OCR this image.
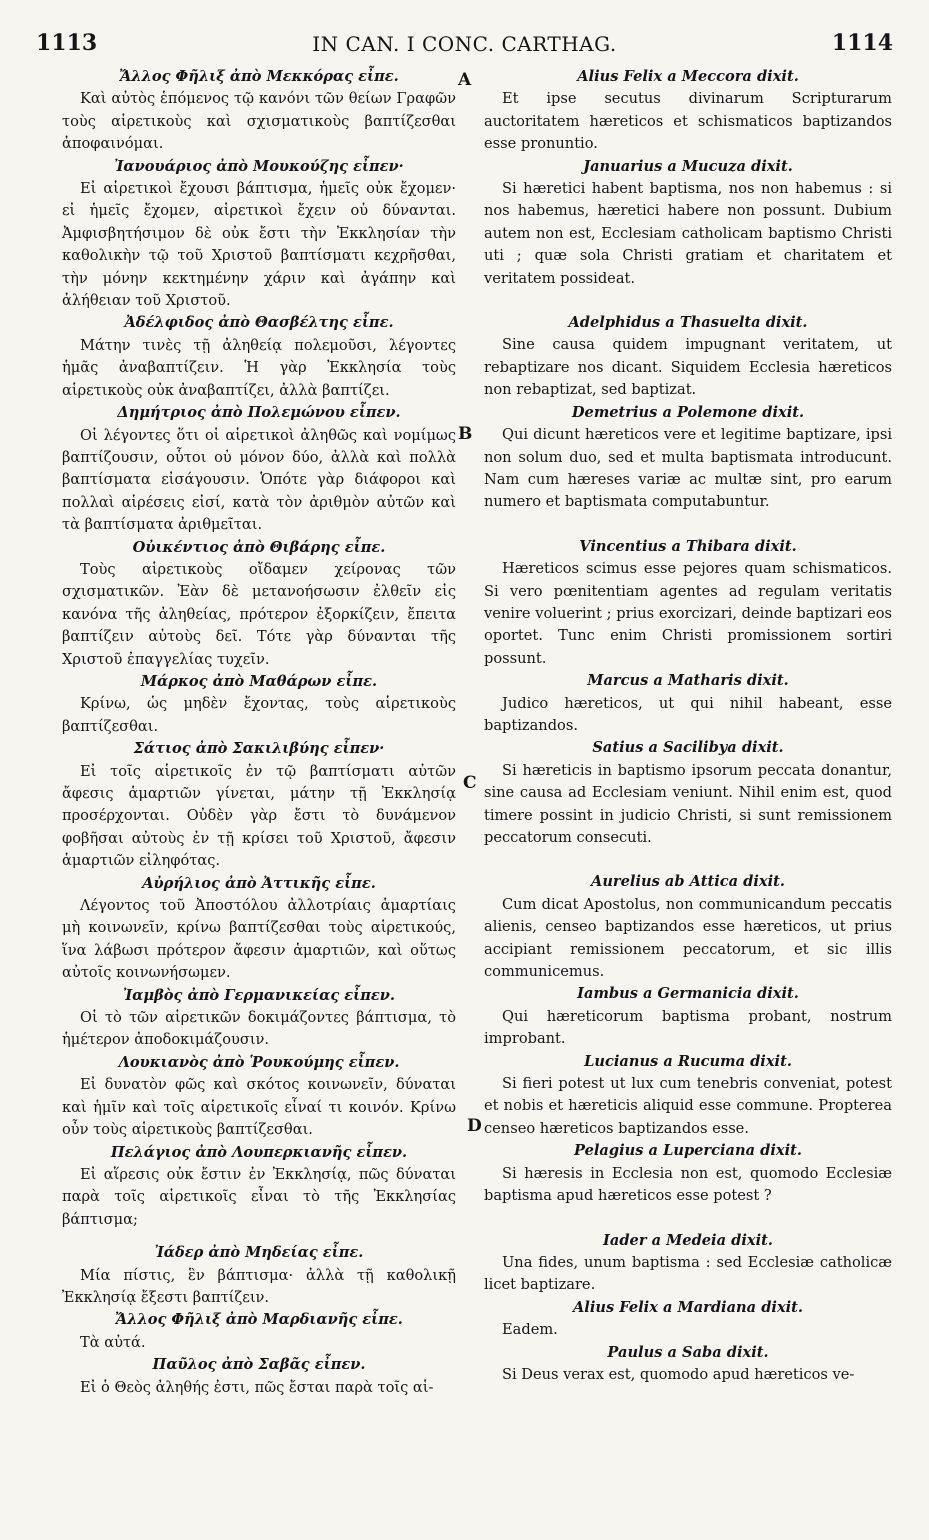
1113	IN CAN. I CONC. CARTHAG.	1114
A
B
C
D
Ἄλλος Φῆλιξ ἀπὸ Μεκκόρας εἶπε.

Καὶ αὐτὸς ἑπόμενος τῷ κανόνι τῶν θείων Γραφῶν τοὺς αἱρετικοὺς καὶ σχισματικοὺς βαπτίζεσθαι ἀποφαινόμαι.

Ἰανουάριος ἀπὸ Μουκούζης εἶπεν·

Εἰ αἱρετικοὶ ἔχουσι βάπτισμα, ἡμεῖς οὐκ ἔχομεν· εἰ ἡμεῖς ἔχομεν, αἱρετικοὶ ἔχειν οὐ δύνανται. Ἀμφισβητήσιμον δὲ οὐκ ἔστι τὴν Ἐκκλησίαν τὴν καθολικὴν τῷ τοῦ Χριστοῦ βαπτίσματι κεχρῆσθαι, τὴν μόνην κεκτημένην χάριν καὶ ἀγάπην καὶ ἀλήθειαν τοῦ Χριστοῦ.

Ἀδέλφιδος ἀπὸ Θασβέλτης εἶπε.

Μάτην τινὲς τῇ ἀληθείᾳ πολεμοῦσι, λέγοντες ἡμᾶς ἀναβαπτίζειν. Ἡ γὰρ Ἐκκλησία τοὺς αἱρετικοὺς οὐκ ἀναβαπτίζει, ἀλλὰ βαπτίζει.

Δημήτριος ἀπὸ Πολεμώνου εἶπεν.

Οἱ λέγοντες ὅτι οἱ αἱρετικοὶ ἀληθῶς καὶ νομίμως βαπτίζουσιν, οὗτοι οὐ μόνον δύο, ἀλλὰ καὶ πολλὰ βαπτίσματα εἰσάγουσιν. Ὁπότε γὰρ διάφοροι καὶ πολλαὶ αἱρέσεις εἰσί, κατὰ τὸν ἀριθμὸν αὐτῶν καὶ τὰ βαπτίσματα ἀριθμεῖται.

Οὐικέντιος ἀπὸ Θιβάρης εἶπε.

Τοὺς αἱρετικοὺς οἴδαμεν χείρονας τῶν σχισματικῶν. Ἐὰν δὲ μετανοήσωσιν ἐλθεῖν εἰς κανόνα τῆς ἀληθείας, πρότερον ἐξορκίζειν, ἔπειτα βαπτίζειν αὐτοὺς δεῖ. Τότε γὰρ δύνανται τῆς Χριστοῦ ἐπαγγελίας τυχεῖν.

Μάρκος ἀπὸ Μαθάρων εἶπε.

Κρίνω, ὡς μηδὲν ἔχοντας, τοὺς αἱρετικοὺς βαπτίζεσθαι.

Σάτιος ἀπὸ Σακιλιβύης εἶπεν·

Εἰ τοῖς αἱρετικοῖς ἐν τῷ βαπτίσματι αὐτῶν ἄφεσις ἁμαρτιῶν γίνεται, μάτην τῇ Ἐκκλησίᾳ προσέρχονται. Οὐδὲν γὰρ ἔστι τὸ δυνάμενον φοβῆσαι αὐτοὺς ἐν τῇ κρίσει τοῦ Χριστοῦ, ἄφεσιν ἁμαρτιῶν εἰληφότας.

Αὐρήλιος ἀπὸ Ἀττικῆς εἶπε.

Λέγοντος τοῦ Ἀποστόλου ἀλλοτρίαις ἁμαρτίαις μὴ κοινωνεῖν, κρίνω βαπτίζεσθαι τοὺς αἱρετικούς, ἵνα λάβωσι πρότερον ἄφεσιν ἁμαρτιῶν, καὶ οὕτως αὐτοῖς κοινωνήσωμεν.

Ἰαμβὸς ἀπὸ Γερμανικείας εἶπεν.

Οἱ τὸ τῶν αἱρετικῶν δοκιμάζοντες βάπτισμα, τὸ ἡμέτερον ἀποδοκιμάζουσιν.

Λουκιανὸς ἀπὸ Ῥουκούμης εἶπεν.

Εἰ δυνατὸν φῶς καὶ σκότος κοινωνεῖν, δύναται καὶ ἡμῖν καὶ τοῖς αἱρετικοῖς εἶναί τι κοινόν. Κρίνω οὖν τοὺς αἱρετικοὺς βαπτίζεσθαι.

Πελάγιος ἀπὸ Λουπερκιανῆς εἶπεν.

Εἰ αἵρεσις οὐκ ἔστιν ἐν Ἐκκλησίᾳ, πῶς δύναται παρὰ τοῖς αἱρετικοῖς εἶναι τὸ τῆς Ἐκκλησίας βάπτισμα;

Ἰάδερ ἀπὸ Μηδείας εἶπε.

Μία πίστις, ἓν βάπτισμα· ἀλλὰ τῇ καθολικῇ Ἐκκλησίᾳ ἔξεστι βαπτίζειν.

Ἄλλος Φῆλιξ ἀπὸ Μαρδιανῆς εἶπε.

Τὰ αὐτά.

Παῦλος ἀπὸ Σαβᾶς εἶπεν.

Εἰ ὁ Θεὸς ἀληθής ἐστι, πῶς ἔσται παρὰ τοῖς αἱ-

Alius Felix a Meccora dixit.

Et ipse secutus divinarum Scripturarum auctoritatem hæreticos et schismaticos baptizandos esse pronuntio.

Januarius a Mucuza dixit.

Si hæretici habent baptisma, nos non habemus : si nos habemus, hæretici habere non possunt. Dubium autem non est, Ecclesiam catholicam baptismo Christi uti ; quæ sola Christi gratiam et charitatem et veritatem possideat.

Adelphidus a Thasuelta dixit.

Sine causa quidem impugnant veritatem, ut rebaptizare nos dicant. Siquidem Ecclesia hæreticos non rebaptizat, sed baptizat.

Demetrius a Polemone dixit.

Qui dicunt hæreticos vere et legitime baptizare, ipsi non solum duo, sed et multa baptismata introducunt. Nam cum hæreses variæ ac multæ sint, pro earum numero et baptismata computabuntur.

Vincentius a Thibara dixit.

Hæreticos scimus esse pejores quam schismaticos. Si vero pœnitentiam agentes ad regulam veritatis venire voluerint ; prius exorcizari, deinde baptizari eos oportet. Tunc enim Christi promissionem sortiri possunt.

Marcus a Matharis dixit.

Judico hæreticos, ut qui nihil habeant, esse baptizandos.

Satius a Sacilibya dixit.

Si hæreticis in baptismo ipsorum peccata donantur, sine causa ad Ecclesiam veniunt. Nihil enim est, quod timere possint in judicio Christi, si sunt remissionem peccatorum consecuti.

Aurelius ab Attica dixit.

Cum dicat Apostolus, non communicandum peccatis alienis, censeo baptizandos esse hæreticos, ut prius accipiant remissionem peccatorum, et sic illis communicemus.

Iambus a Germanicia dixit.

Qui hæreticorum baptisma probant, nostrum improbant.

Lucianus a Rucuma dixit.

Si fieri potest ut lux cum tenebris conveniat, potest et nobis et hæreticis aliquid esse commune. Propterea censeo hæreticos baptizandos esse.

Pelagius a Luperciana dixit.

Si hæresis in Ecclesia non est, quomodo Ecclesiæ baptisma apud hæreticos esse potest ?

Iader a Medeia dixit.

Una fides, unum baptisma : sed Ecclesiæ catholicæ licet baptizare.

Alius Felix a Mardiana dixit.

Eadem.

Paulus a Saba dixit.

Si Deus verax est, quomodo apud hæreticos ve-
